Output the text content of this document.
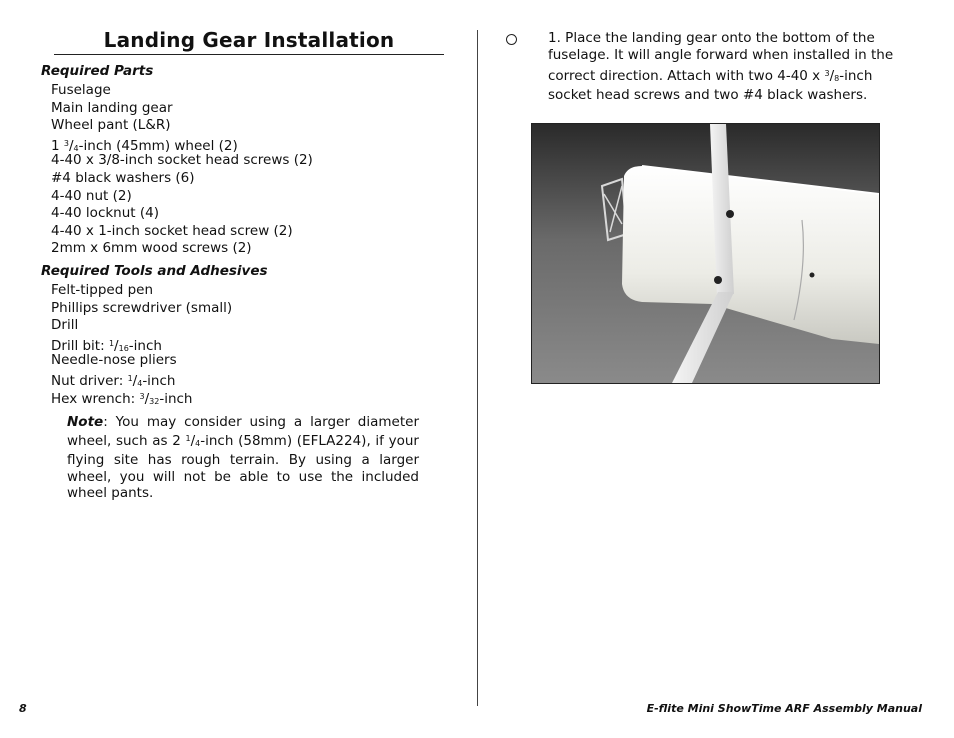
Landing Gear Installation
Required Parts
Fuselage
Main landing gear
Wheel pant (L&R)
1 $^3/_4$-inch (45mm) wheel (2)
4-40 x 3/8-inch socket head screws (2)
#4 black washers (6)
4-40 nut (2)
4-40 locknut (4)
4-40 x 1-inch socket head screw (2)
2mm x 6mm wood screws (2)
Required Tools and Adhesives
Felt-tipped pen
Phillips screwdriver (small)
Drill
Drill bit: $^1/_{16}$-inch
Needle-nose pliers
Nut driver: $^1/_4$-inch
Hex wrench: $^3/_{32}$-inch
Note: You may consider using a larger diameter wheel, such as 2 $^1/_4$-inch (58mm) (EFLA224), if your flying site has rough terrain. By using a larger wheel, you will not be able to use the included wheel pants.
1. Place the landing gear onto the bottom of the fuselage. It will angle forward when installed in the correct direction. Attach with two 4-40 x $^3/_8$-inch socket head screws and two #4 black washers.
8	E-flite Mini ShowTime ARF Assembly Manual
